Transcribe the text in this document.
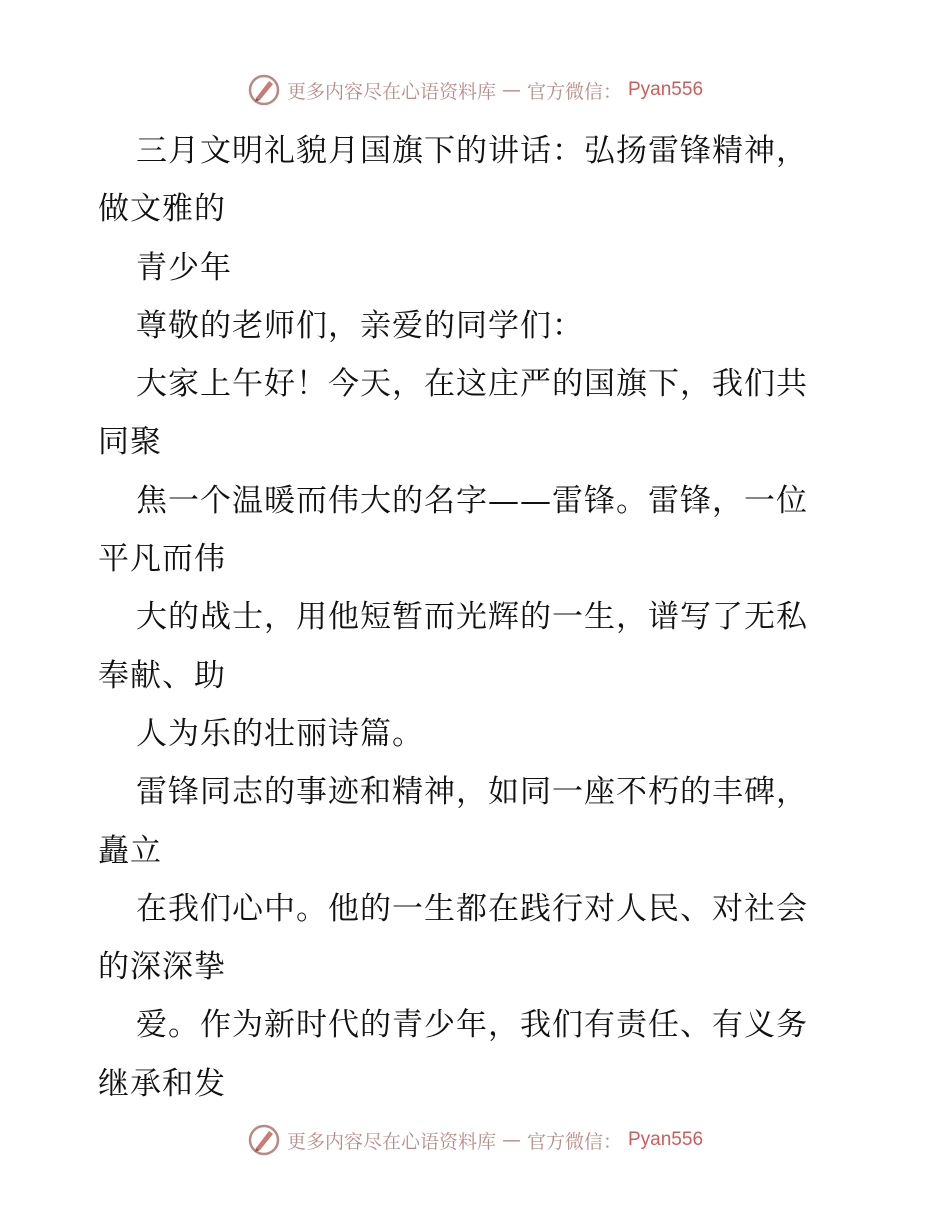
更多内容尽在心语资料库 — 官方微信： Pyan556
三月文明礼貌月国旗下的讲话：弘扬雷锋精神，
做文雅的
青少年
尊敬的老师们，亲爱的同学们：
大家上午好！今天，在这庄严的国旗下，我们共
同聚
焦一个温暖而伟大的名字——雷锋。雷锋，一位
平凡而伟
大的战士，用他短暂而光辉的一生，谱写了无私
奉献、助
人为乐的壮丽诗篇。
雷锋同志的事迹和精神，如同一座不朽的丰碑，
矗立
在我们心中。他的一生都在践行对人民、对社会
的深深挚
爱。作为新时代的青少年，我们有责任、有义务
继承和发
更多内容尽在心语资料库 — 官方微信： Pyan556
